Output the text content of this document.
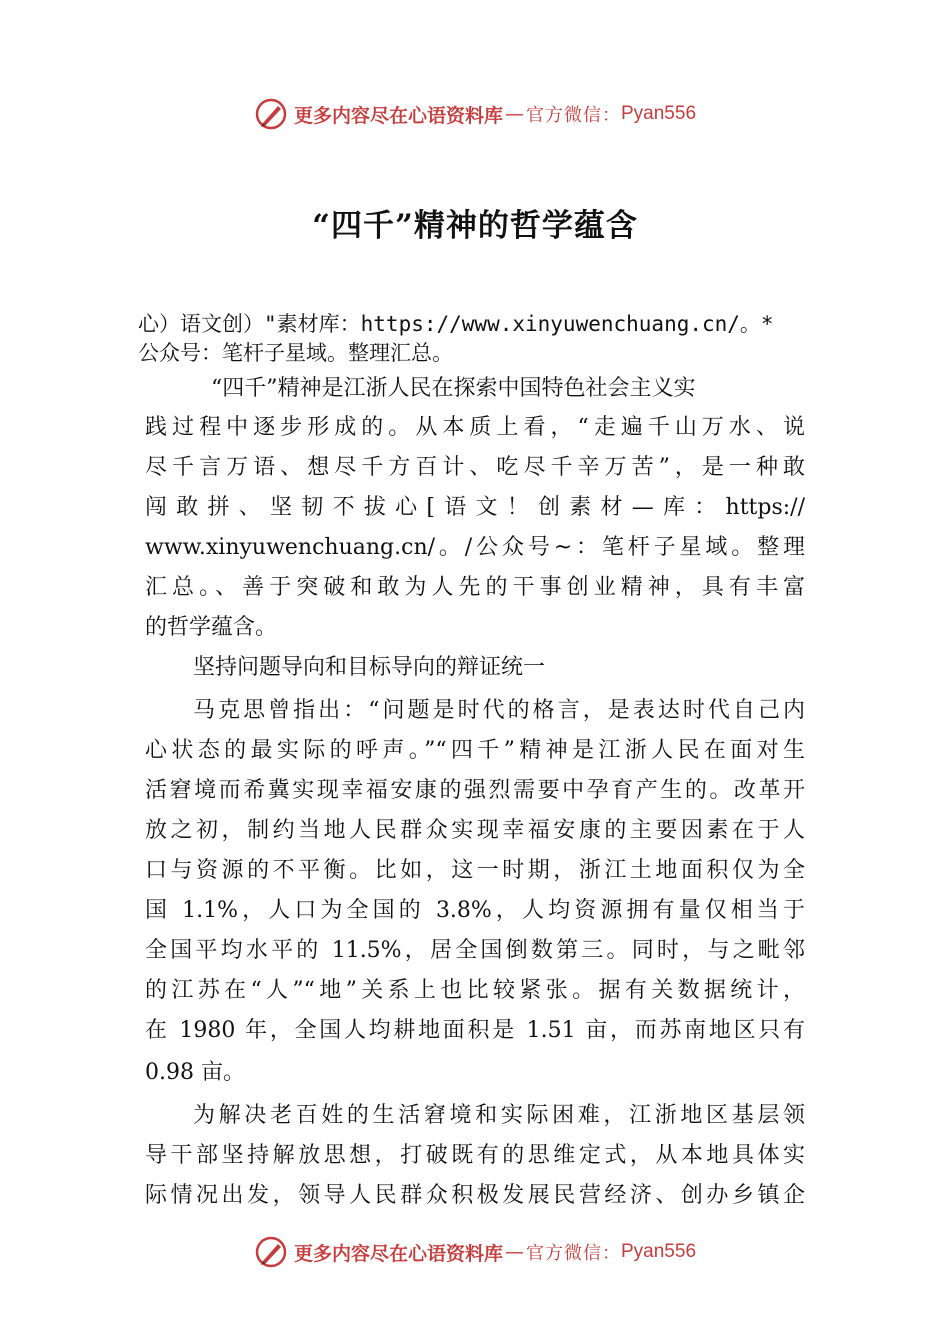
更多内容尽在心语资料库 — 官方微信： Pyan556
“四千”精神的哲学蕴含
心）语文创）"素材库：https://www.xinyuwenchuang.cn/。*
公众号：笔杆子星域。整理汇总。
“四千”精神是江浙人民在探索中国特色社会主义实
践过程中逐步形成的。从本质上看，“走遍千山万水、说
尽千言万语、想尽千方百计、吃尽千辛万苦”，是一种敢
闯敢拼、坚韧不拔心[语文！创素材—库：https://
www.xinyuwenchuang.cn/。/公众号~：笔杆子星域。整理
汇总。、善于突破和敢为人先的干事创业精神，具有丰富
的哲学蕴含。
坚持问题导向和目标导向的辩证统一
马克思曾指出：“问题是时代的格言，是表达时代自己内
心状态的最实际的呼声。”“四千”精神是江浙人民在面对生
活窘境而希冀实现幸福安康的强烈需要中孕育产生的。改革开
放之初，制约当地人民群众实现幸福安康的主要因素在于人
口与资源的不平衡。比如，这一时期，浙江土地面积仅为全
国 1.1%，人口为全国的 3.8%，人均资源拥有量仅相当于
全国平均水平的 11.5%，居全国倒数第三。同时，与之毗邻
的江苏在“人”“地”关系上也比较紧张。据有关数据统计，
在 1980 年，全国人均耕地面积是 1.51 亩，而苏南地区只有
0.98 亩。
为解决老百姓的生活窘境和实际困难，江浙地区基层领
导干部坚持解放思想，打破既有的思维定式，从本地具体实
际情况出发，领导人民群众积极发展民营经济、创办乡镇企
更多内容尽在心语资料库 — 官方微信： Pyan556
